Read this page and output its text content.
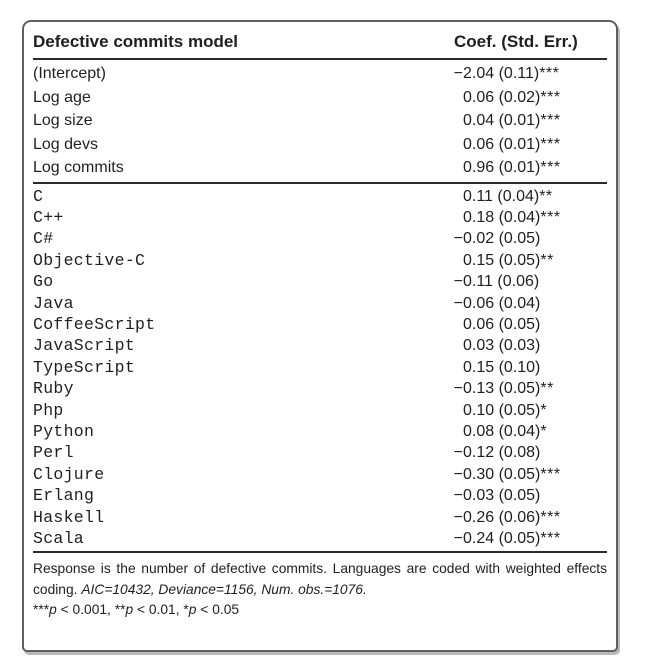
Defective commits model	Coef. (Std. Err.)
(Intercept)	− 2.04 (0.11) ***
Log age	0.06 (0.02) ***
Log size	0.04 (0.01) ***
Log devs	0.06 (0.01) ***
Log commits	0.96 (0.01) ***
C	0.11 (0.04) **
C++	0.18 (0.04) ***
C#	− 0.02 (0.05)
Objective-C	0.15 (0.05) **
Go	− 0.11 (0.06)
Java	− 0.06 (0.04)
CoffeeScript	0.06 (0.05)
JavaScript	0.03 (0.03)
TypeScript	0.15 (0.10)
Ruby	− 0.13 (0.05) **
Php	0.10 (0.05) *
Python	0.08 (0.04) *
Perl	− 0.12 (0.08)
Clojure	− 0.30 (0.05) ***
Erlang	− 0.03 (0.05)
Haskell	− 0.26 (0.06) ***
Scala	− 0.24 (0.05) ***

Response is the number of defective commits. Languages are coded with weighted effects coding. AIC=10432, Deviance=1156, Num. obs.=1076.

***p < 0.001, **p < 0.01, *p < 0.05
